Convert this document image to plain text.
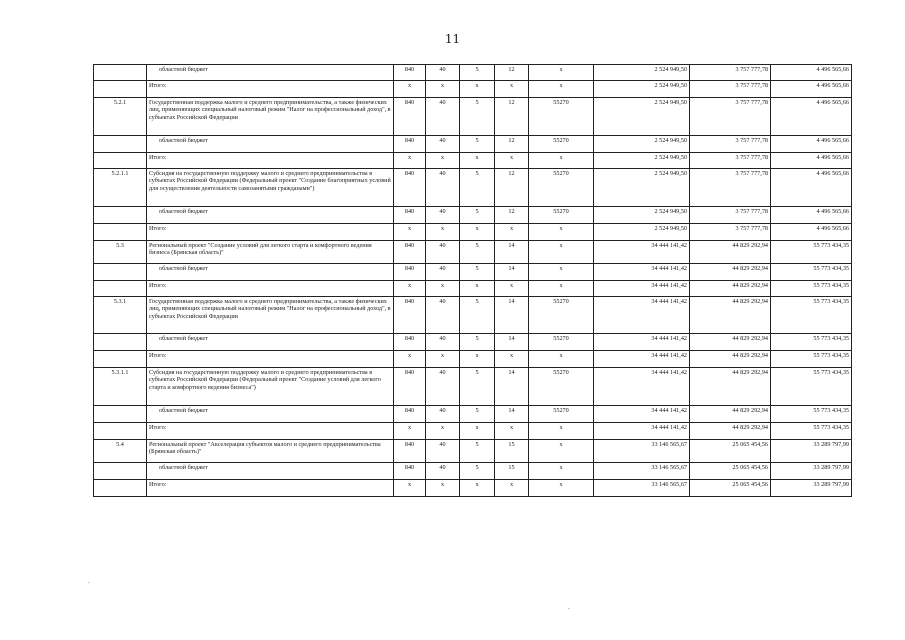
11
	областной бюджет	840	40	5	12	х	2 524 949,50	3 757 777,78	4 496 565,66
	Итого:	х	х	х	х	х	2 524 949,50	3 757 777,78	4 496 565,66
5.2.1	Государственная поддержка малого и среднего предпринимательства, а также физических лиц, применяющих специальный налоговый режим "Налог на профессиональный доход", в субъектах Российской Федерации	840	40	5	12	55270	2 524 949,50	3 757 777,78	4 496 565,66
	областной бюджет	840	40	5	12	55270	2 524 949,50	3 757 777,78	4 496 565,66
	Итого:	х	х	х	х	х	2 524 949,50	3 757 777,78	4 496 565,66
5.2.1.1	Субсидия на государственную поддержку малого и среднего предпринимательства в субъектах Российской Федерации (Федеральный проект "Создание благоприятных условий для осуществления деятельности самозанятыми гражданами")	840	40	5	12	55270	2 524 949,50	3 757 777,78	4 496 565,66
	областной бюджет	840	40	5	12	55270	2 524 949,50	3 757 777,78	4 496 565,66
	Итого:	х	х	х	х	х	2 524 949,50	3 757 777,78	4 496 565,66
5.3	Региональный проект "Создание условий для легкого старта и комфортного ведения бизнеса (Брянская область)"	840	40	5	14	х	34 444 141,42	44 829 292,94	55 773 434,35
	областной бюджет	840	40	5	14	х	34 444 141,42	44 829 292,94	55 773 434,35
	Итого:	х	х	х	х	х	34 444 141,42	44 829 292,94	55 773 434,35
5.3.1	Государственная поддержка малого и среднего предпринимательства, а также физических лиц, применяющих специальный налоговый режим "Налог на профессиональный доход", в субъектах Российской Федерации	840	40	5	14	55270	34 444 141,42	44 829 292,94	55 773 434,35
	областной бюджет	840	40	5	14	55270	34 444 141,42	44 829 292,94	55 773 434,35
	Итого:	х	х	х	х	х	34 444 141,42	44 829 292,94	55 773 434,35
5.3.1.1	Субсидия на государственную поддержку малого и среднего предпринимательства в субъектах Российской Федерации (Федеральный проект "Создание условий для легкого старта и комфортного ведения бизнеса")	840	40	5	14	55270	34 444 141,42	44 829 292,94	55 773 434,35
	областной бюджет	840	40	5	14	55270	34 444 141,42	44 829 292,94	55 773 434,35
	Итого:	х	х	х	х	х	34 444 141,42	44 829 292,94	55 773 434,35
5.4	Региональный проект "Акселерация субъектов малого и среднего предпринимательства (Брянская область)"	840	40	5	15	х	33 146 565,67	25 065 454,56	33 289 797,99
	областной бюджет	840	40	5	15	х	33 146 565,67	25 065 454,56	33 289 797,99
	Итого:	х	х	х	х	х	33 146 565,67	25 065 454,56	33 289 797,99
·
·
